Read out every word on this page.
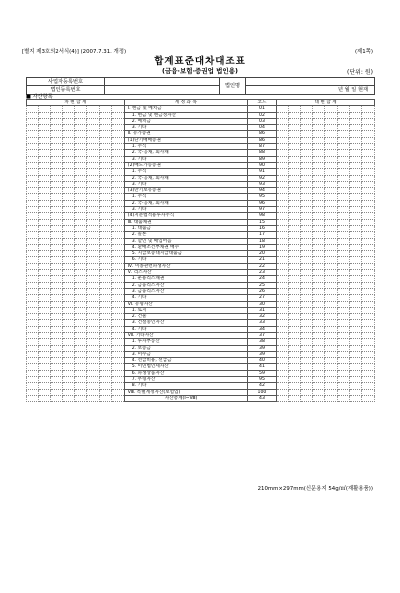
[별지 제3호의2서식(4)] (2007.7.31. 개정)	(제1쪽)
합계표준대차대조표
(금융·보험·증권업 법인용)	(단위: 원)
사업자등록번호		법인명	
법인등록번호			년 월 일 현재
■ 자산항목
차 변 합 계								계 정 과 목	코드	대 변 합 계							
								Ⅰ. 현금 및 예치금	01								
								1. 현금 및 현금성자산	02								
								2. 예치금	03								
								3. 기타	04								
								Ⅱ. 유가증권	86								
								(1)단기매매증권	86								
								1. 주식	87								
								2. 국·공채, 회사채	88								
								3. 기타	89								
								(2)매도가능증권	90								
								1. 주식	91								
								2. 국·공채, 회사채	92								
								3. 기타	93								
								(3)만기보유증권	94								
								1. 주식	95								
								2. 국·공채, 회사채	96								
								3. 기타	97								
								(4)지분법적용투자주식	98								
								Ⅲ. 대출채권	15								
								1. 대출금	16								
								2. 콜론	17								
								3. 할인 및 매입어음	18								
								4. 환매조건부채권 매수	19								
								5. 지급보증대지급대출금	20								
								6. 기타	21								
								Ⅳ. 이종관련파생자산	22								
								Ⅴ. 리스자산	23								
								1. 운용리스채권	24								
								2. 금융리스자산	25								
								3. 금융리스자산	26								
								4. 기타	27								
								Ⅵ. 유형자산	30								
								1. 토지	31								
								2. 건물	32								
								3. 건설중인자산	33								
								4. 기타	34								
								Ⅶ. 기타자산	37								
								1. 투자부동산	38								
								2. 보증금	39								
								3. 미수금	39								
								4. 선급비용, 선급금	40								
								5. 이연법인세자산	41								
								6. 파생상품자산	59								
								7. 무형자산	95								
								8. 기타	42								
								Ⅷ. 특별계정자산(보험업)	100								
								자산총계(Ⅰ~Ⅷ)	43								
210mm×297mm(신문용지 54g/㎡(재활용품))
